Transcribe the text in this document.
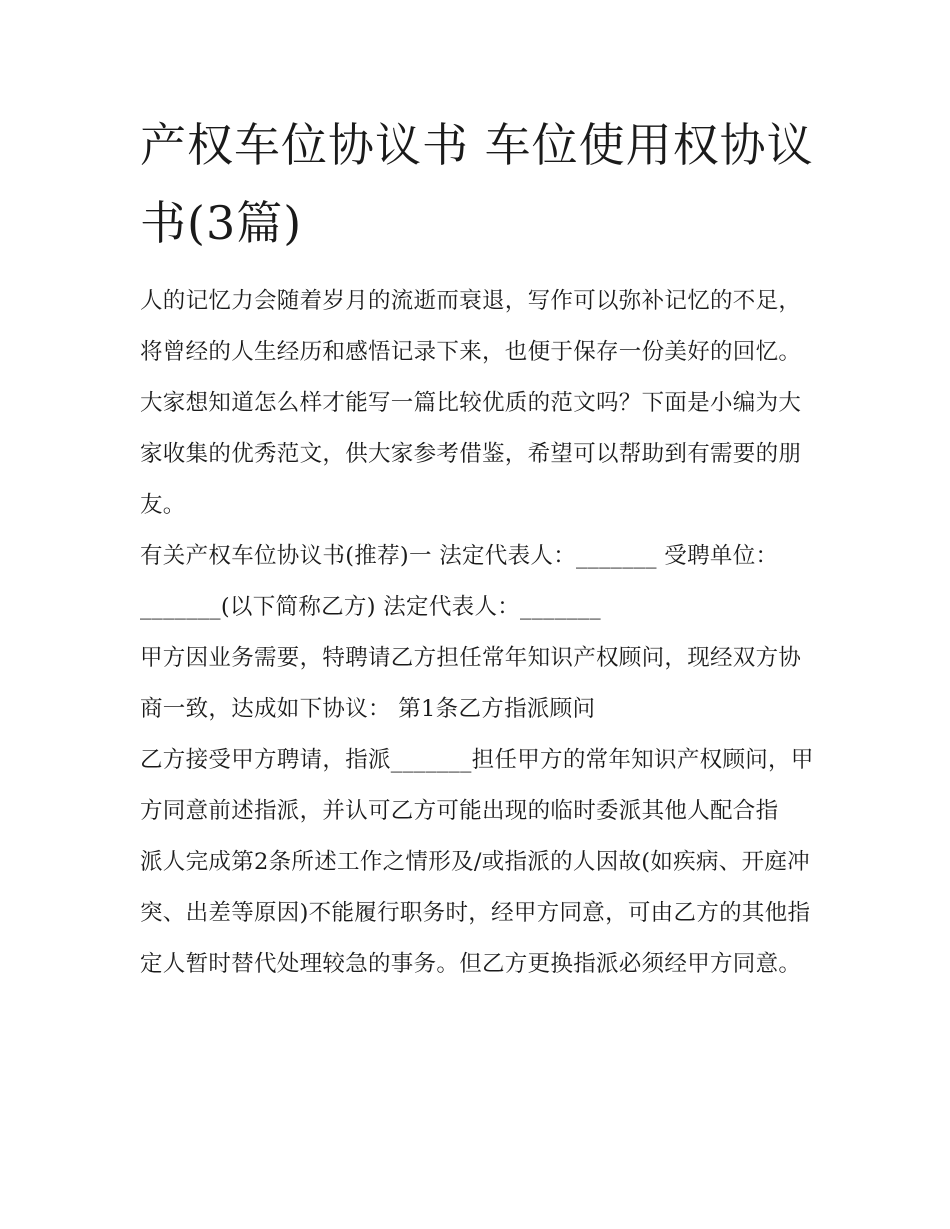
产权车位协议书 车位使用权协议书(3篇)

人的记忆力会随着岁月的流逝而衰退，写作可以弥补记忆的不足，将曾经的人生经历和感悟记录下来，也便于保存一份美好的回忆。大家想知道怎么样才能写一篇比较优质的范文吗？下面是小编为大家收集的优秀范文，供大家参考借鉴，希望可以帮助到有需要的朋友。

有关产权车位协议书(推荐)一 法定代表人：_______ 受聘单位：_______(以下简称乙方) 法定代表人：_______

甲方因业务需要，特聘请乙方担任常年知识产权顾问，现经双方协商一致，达成如下协议： 第1条乙方指派顾问

乙方接受甲方聘请，指派_______担任甲方的常年知识产权顾问，甲方同意前述指派，并认可乙方可能出现的临时委派其他人配合指

派人完成第2条所述工作之情形及/或指派的人因故(如疾病、开庭冲突、出差等原因)不能履行职务时，经甲方同意，可由乙方的其他指定人暂时替代处理较急的事务。但乙方更换指派必须经甲方同意。
